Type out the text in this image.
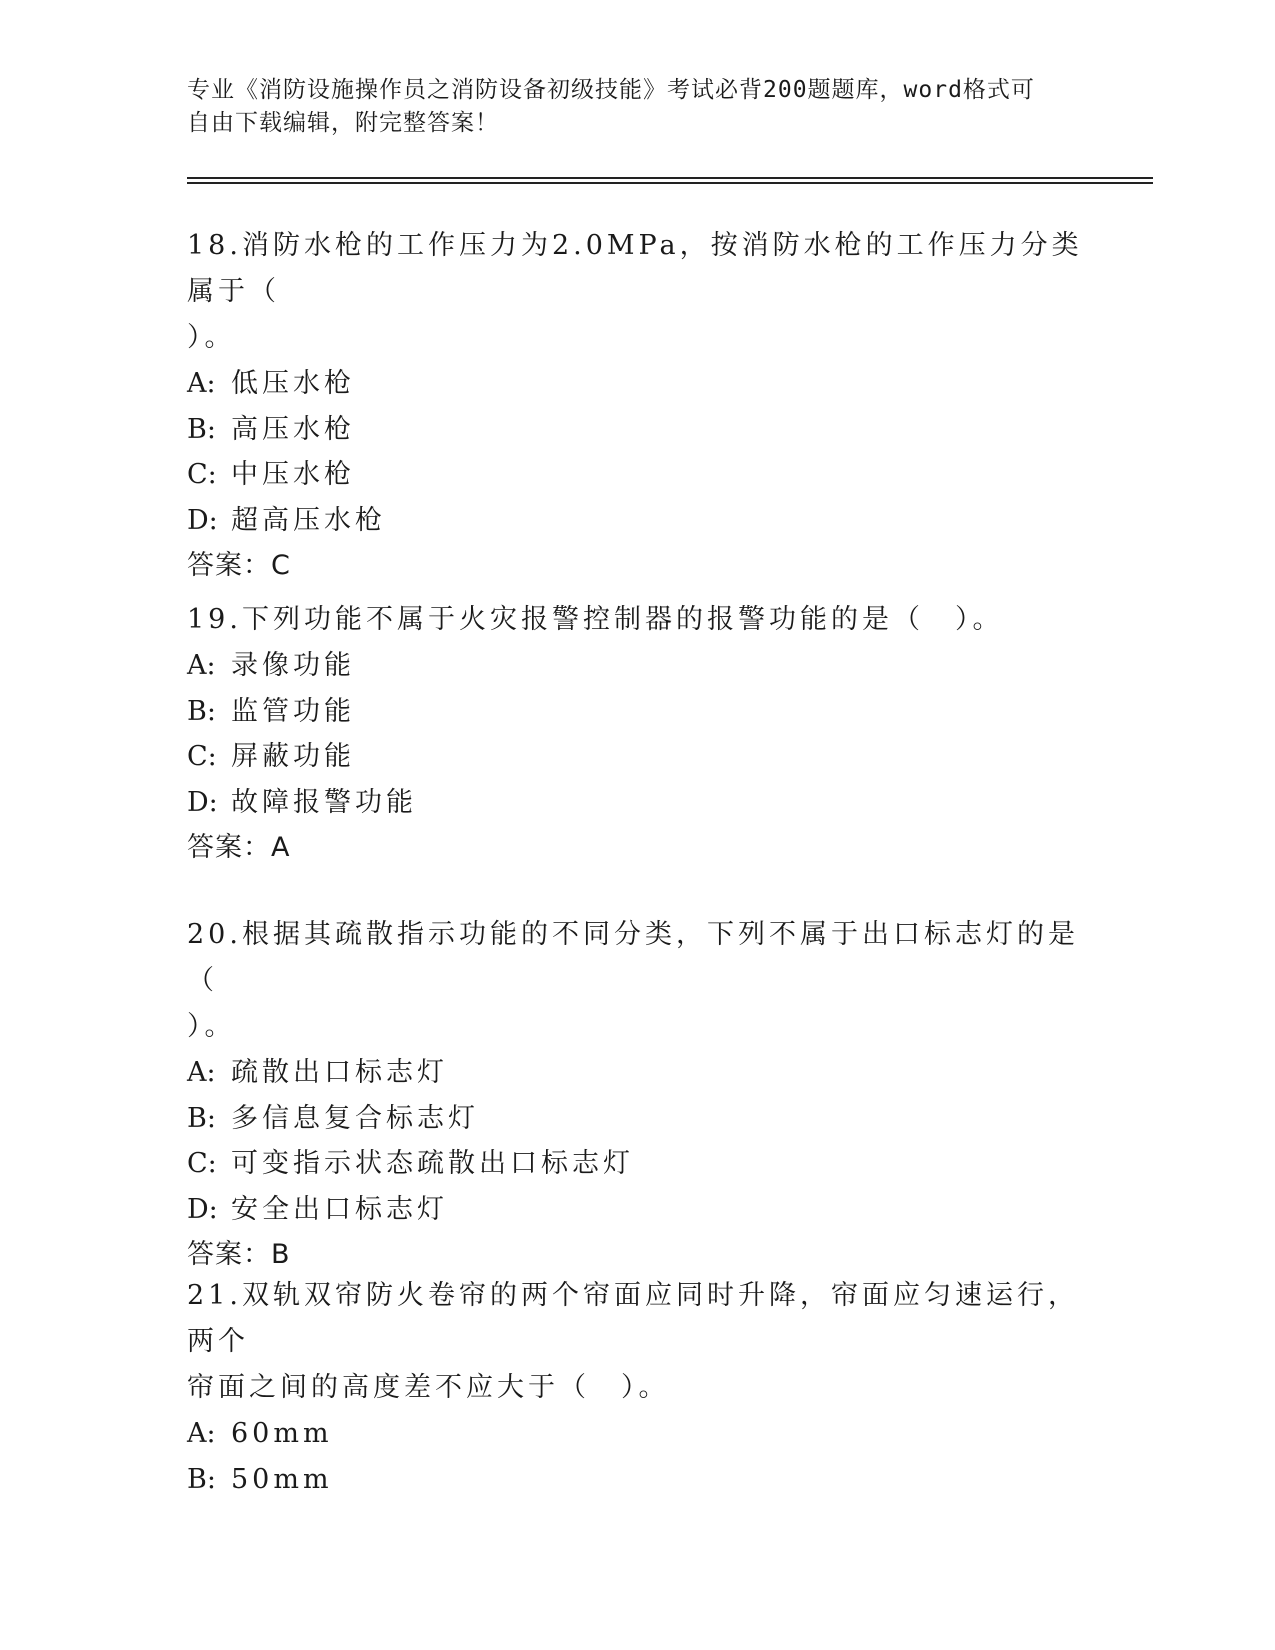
专业《消防设施操作员之消防设备初级技能》考试必背200题题库，word格式可
自由下载编辑，附完整答案！

18.消防水枪的工作压力为2.0MPa，按消防水枪的工作压力分类属于（

）。

A: 低压水枪

B: 高压水枪

C: 中压水枪

D: 超高压水枪

答案：C

19.下列功能不属于火灾报警控制器的报警功能的是（　）。

A: 录像功能

B: 监管功能

C: 屏蔽功能

D: 故障报警功能

答案：A

20.根据其疏散指示功能的不同分类，下列不属于出口标志灯的是（

）。

A: 疏散出口标志灯

B: 多信息复合标志灯

C: 可变指示状态疏散出口标志灯

D: 安全出口标志灯

答案：B

21.双轨双帘防火卷帘的两个帘面应同时升降，帘面应匀速运行，两个

帘面之间的高度差不应大于（　）。

A: 60mm

B: 50mm
